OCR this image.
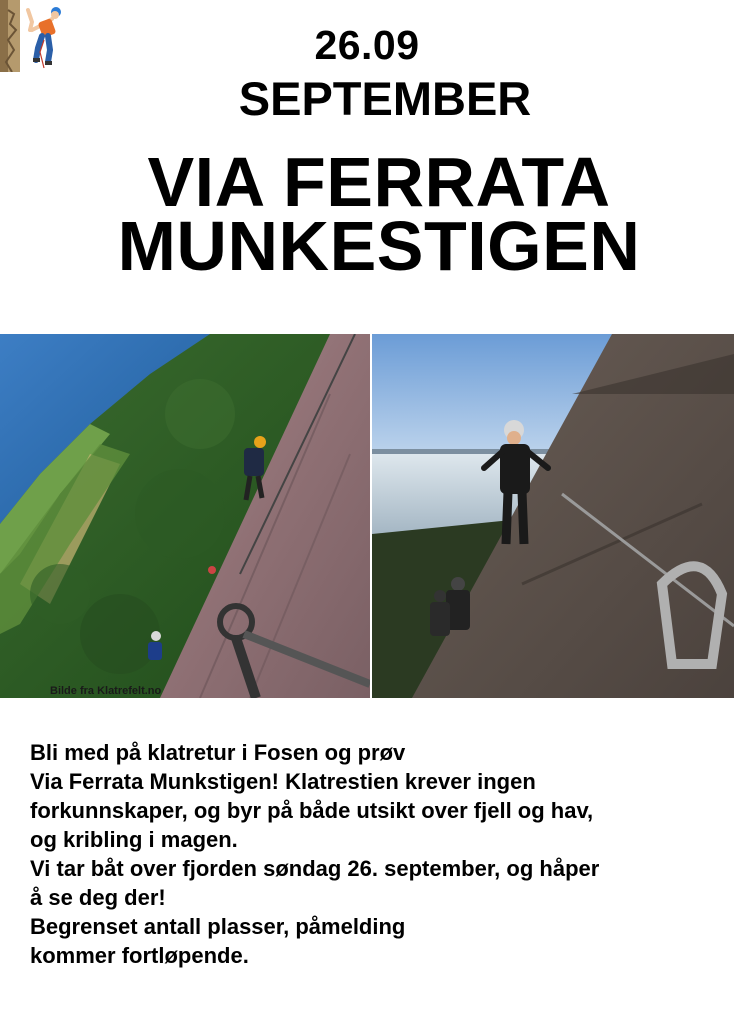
26.09
SEPTEMBER
VIA FERRATA
MUNKESTIGEN
Bilde fra Klatrefelt.no
Bli med på klatretur i Fosen og prøv
Via Ferrata Munkstigen! Klatrestien krever ingen
forkunnskaper, og byr på både utsikt over fjell og hav,
og kribling i magen.
Vi tar båt over fjorden søndag 26. september, og håper
å se deg der!
Begrenset antall plasser, påmelding
kommer fortløpende.
